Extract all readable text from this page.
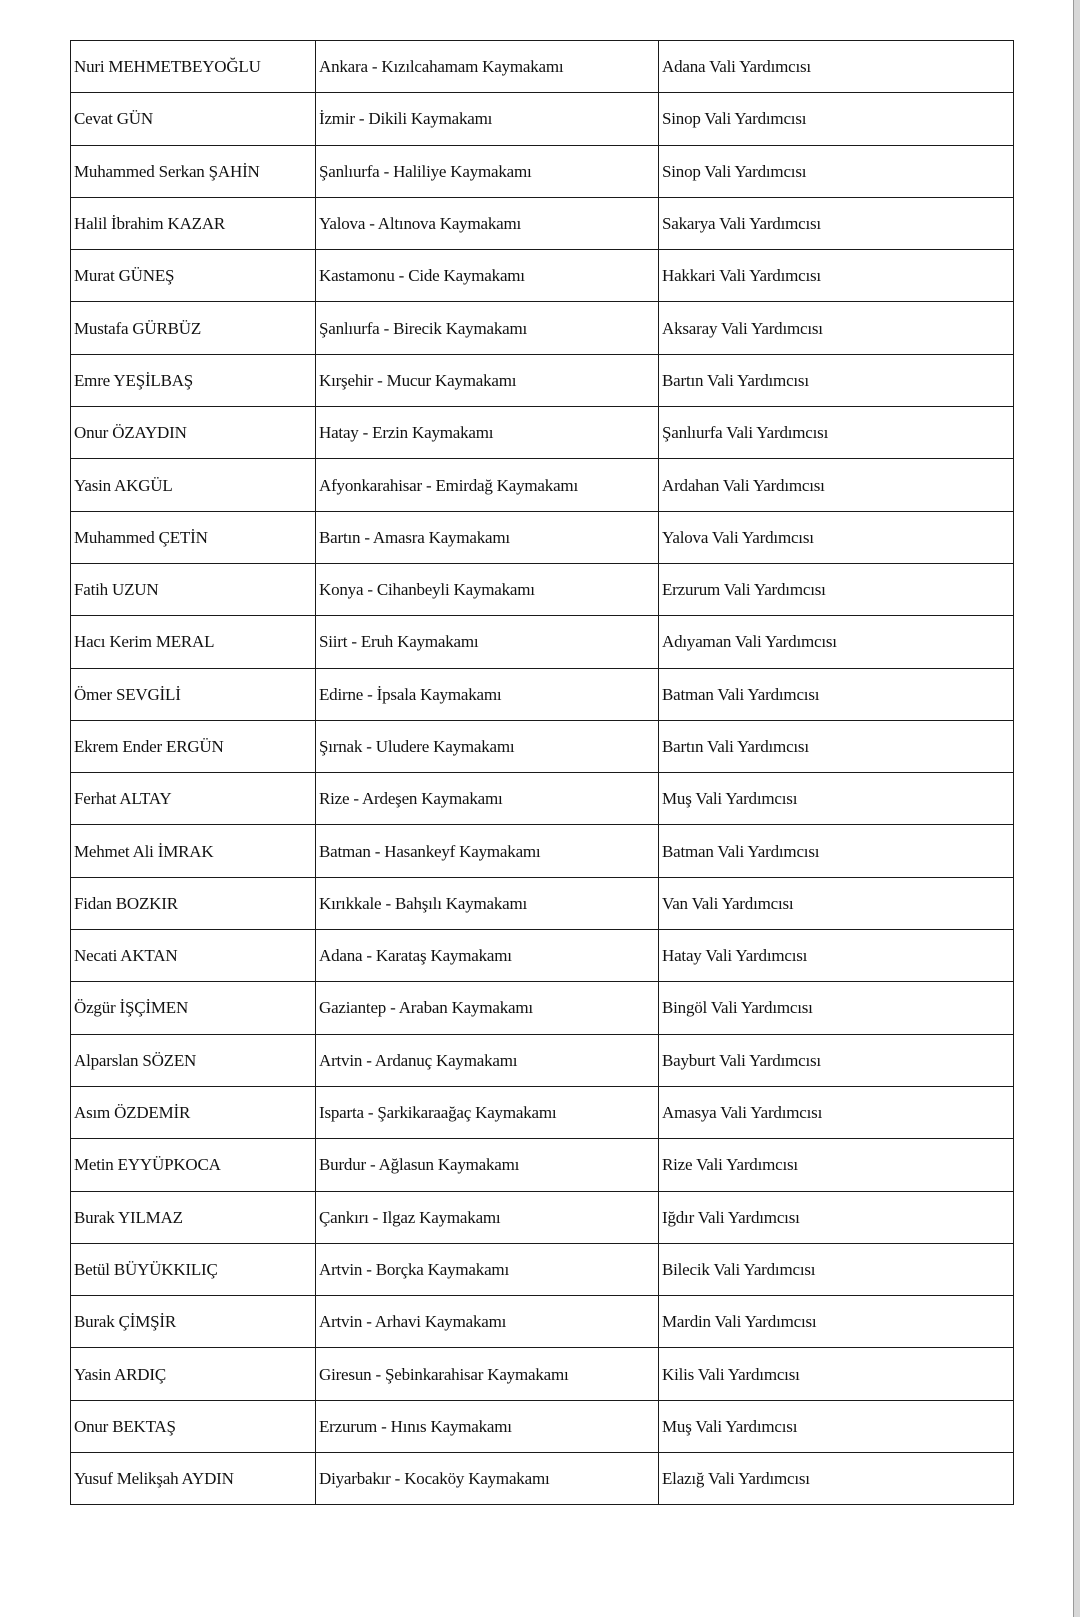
Nuri MEHMETBEYOĞLU	Ankara - Kızılcahamam Kaymakamı	Adana Vali Yardımcısı
Cevat GÜN	İzmir - Dikili Kaymakamı	Sinop Vali Yardımcısı
Muhammed Serkan ŞAHİN	Şanlıurfa - Haliliye Kaymakamı	Sinop Vali Yardımcısı
Halil İbrahim KAZAR	Yalova - Altınova Kaymakamı	Sakarya Vali Yardımcısı
Murat GÜNEŞ	Kastamonu - Cide Kaymakamı	Hakkari Vali Yardımcısı
Mustafa GÜRBÜZ	Şanlıurfa - Birecik Kaymakamı	Aksaray Vali Yardımcısı
Emre YEŞİLBAŞ	Kırşehir - Mucur Kaymakamı	Bartın Vali Yardımcısı
Onur ÖZAYDIN	Hatay - Erzin Kaymakamı	Şanlıurfa Vali Yardımcısı
Yasin AKGÜL	Afyonkarahisar - Emirdağ Kaymakamı	Ardahan Vali Yardımcısı
Muhammed ÇETİN	Bartın - Amasra Kaymakamı	Yalova Vali Yardımcısı
Fatih UZUN	Konya - Cihanbeyli Kaymakamı	Erzurum Vali Yardımcısı
Hacı Kerim MERAL	Siirt - Eruh Kaymakamı	Adıyaman Vali Yardımcısı
Ömer SEVGİLİ	Edirne - İpsala Kaymakamı	Batman Vali Yardımcısı
Ekrem Ender ERGÜN	Şırnak - Uludere Kaymakamı	Bartın Vali Yardımcısı
Ferhat ALTAY	Rize - Ardeşen Kaymakamı	Muş Vali Yardımcısı
Mehmet Ali İMRAK	Batman - Hasankeyf Kaymakamı	Batman Vali Yardımcısı
Fidan BOZKIR	Kırıkkale - Bahşılı Kaymakamı	Van Vali Yardımcısı
Necati AKTAN	Adana - Karataş Kaymakamı	Hatay Vali Yardımcısı
Özgür İŞÇİMEN	Gaziantep - Araban Kaymakamı	Bingöl Vali Yardımcısı
Alparslan SÖZEN	Artvin - Ardanuç Kaymakamı	Bayburt Vali Yardımcısı
Asım ÖZDEMİR	Isparta - Şarkikaraağaç Kaymakamı	Amasya Vali Yardımcısı
Metin EYYÜPKOCA	Burdur - Ağlasun Kaymakamı	Rize Vali Yardımcısı
Burak YILMAZ	Çankırı - Ilgaz Kaymakamı	Iğdır Vali Yardımcısı
Betül BÜYÜKKILIÇ	Artvin - Borçka Kaymakamı	Bilecik Vali Yardımcısı
Burak ÇİMŞİR	Artvin - Arhavi Kaymakamı	Mardin Vali Yardımcısı
Yasin ARDIÇ	Giresun - Şebinkarahisar Kaymakamı	Kilis Vali Yardımcısı
Onur BEKTAŞ	Erzurum - Hınıs Kaymakamı	Muş Vali Yardımcısı
Yusuf Melikşah AYDIN	Diyarbakır - Kocaköy Kaymakamı	Elazığ Vali Yardımcısı
